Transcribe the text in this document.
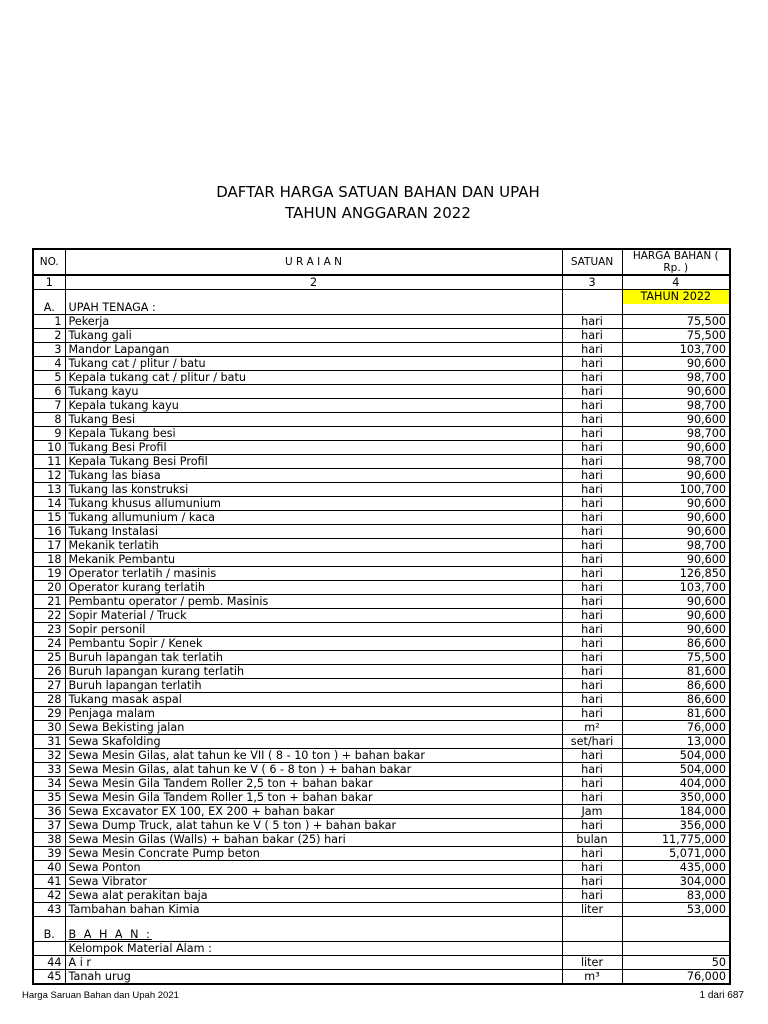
DAFTAR HARGA SATUAN BAHAN DAN UPAH
TAHUN ANGGARAN 2022
NO.	U R A I A N	SATUAN	HARGA BAHAN ( Rp. )
1	2	3	4
A.	UPAH TENAGA :		TAHUN 2022

1	Pekerja	hari	75,500
2	Tukang gali	hari	75,500
3	Mandor Lapangan	hari	103,700
4	Tukang cat / plitur / batu	hari	90,600
5	Kepala tukang cat / plitur / batu	hari	98,700
6	Tukang kayu	hari	90,600
7	Kepala tukang kayu	hari	98,700
8	Tukang Besi	hari	90,600
9	Kepala Tukang besi	hari	98,700
10	Tukang Besi Profil	hari	90,600
11	Kepala Tukang Besi Profil	hari	98,700
12	Tukang las biasa	hari	90,600
13	Tukang las konstruksi	hari	100,700
14	Tukang khusus allumunium	hari	90,600
15	Tukang allumunium / kaca	hari	90,600
16	Tukang Instalasi	hari	90,600
17	Mekanik terlatih	hari	98,700
18	Mekanik Pembantu	hari	90,600
19	Operator terlatih / masinis	hari	126,850
20	Operator kurang terlatih	hari	103,700
21	Pembantu operator / pemb. Masinis	hari	90,600
22	Sopir Material / Truck	hari	90,600
23	Sopir personil	hari	90,600
24	Pembantu Sopir / Kenek	hari	86,600
25	Buruh lapangan tak terlatih	hari	75,500
26	Buruh lapangan kurang terlatih	hari	81,600
27	Buruh lapangan terlatih	hari	86,600
28	Tukang masak aspal	hari	86,600
29	Penjaga malam	hari	81,600
30	Sewa Bekisting jalan	m²	76,000
31	Sewa Skafolding	set/hari	13,000
32	Sewa Mesin Gilas, alat tahun ke VII ( 8 - 10 ton ) + bahan bakar	hari	504,000
33	Sewa Mesin Gilas, alat tahun ke V ( 6 - 8 ton ) + bahan bakar	hari	504,000
34	Sewa Mesin Gila Tandem Roller 2,5 ton + bahan bakar	hari	404,000
35	Sewa Mesin Gila Tandem Roller 1,5 ton + bahan bakar	hari	350,000
36	Sewa Excavator EX 100, EX 200 + bahan bakar	Jam	184,000
37	Sewa Dump Truck, alat tahun ke V ( 5 ton ) + bahan bakar	hari	356,000
38	Sewa Mesin Gilas (Walls) + bahan bakar (25) hari	bulan	11,775,000
39	Sewa Mesin Concrate Pump beton	hari	5,071,000
40	Sewa Ponton	hari	435,000
41	Sewa Vibrator	hari	304,000
42	Sewa alat perakitan baja	hari	83,000
43	Tambahan bahan Kimia	liter	53,000
B.	B A H A N :		
	Kelompok Material Alam :		
44	A i r	liter	50
45	Tanah urug	m³	76,000
Harga Saruan Bahan dan Upah 2021	1 dari 687
